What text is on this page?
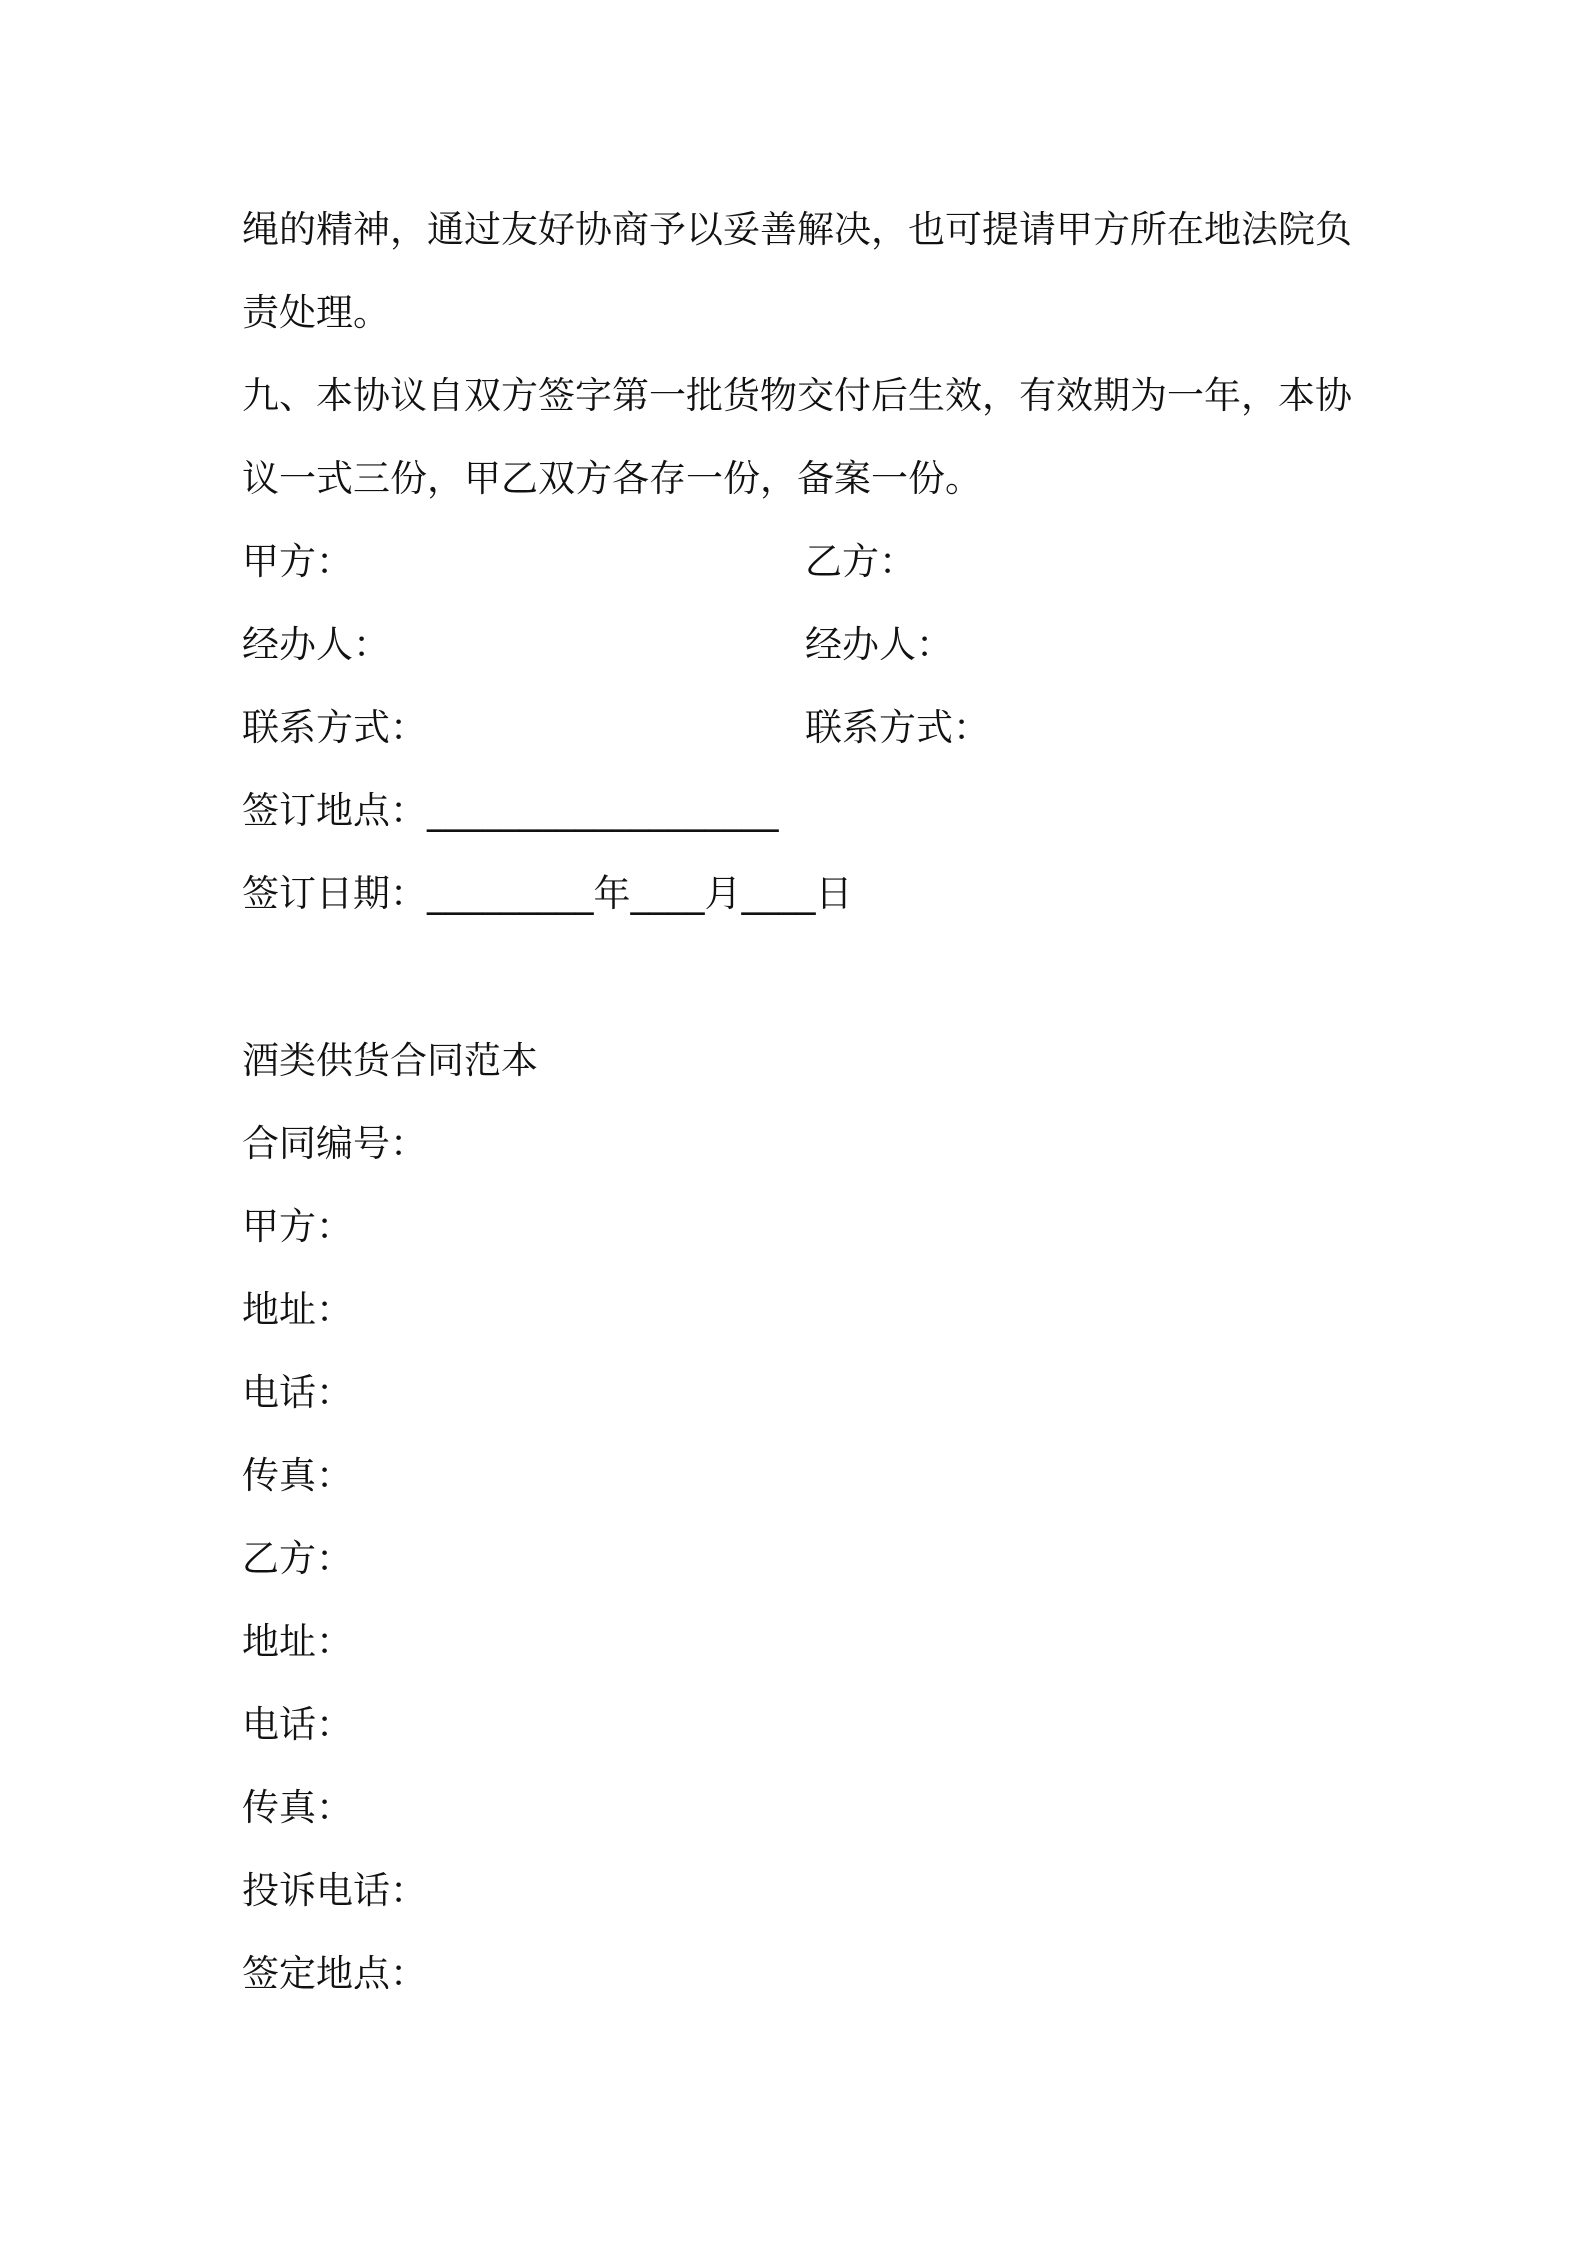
绳的精神，通过友好协商予以妥善解决，也可提请甲方所在地法院负
责处理。
九、本协议自双方签字第一批货物交付后生效，有效期为一年，本协
议一式三份，甲乙双方各存一份，备案一份。
甲方：	乙方：
经办人：	经办人：
联系方式：	联系方式：
签订地点：___________________
签订日期：_________年____月____日
酒类供货合同范本
合同编号：
甲方：
地址：
电话：
传真：
乙方：
地址：
电话：
传真：
投诉电话：
签定地点：
